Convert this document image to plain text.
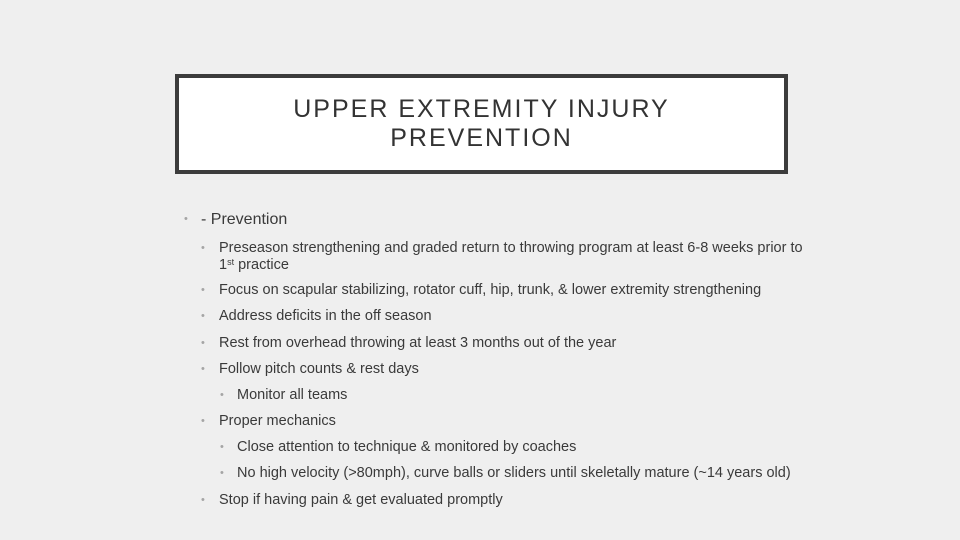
UPPER EXTREMITY INJURY PREVENTION
• - Prevention
• Preseason strengthening and graded return to throwing program at least 6-8 weeks prior to
1st practice
• Focus on scapular stabilizing, rotator cuff, hip, trunk, & lower extremity strengthening
• Address deficits in the off season
• Rest from overhead throwing at least 3 months out of the year
• Follow pitch counts & rest days
• Monitor all teams
• Proper mechanics
• Close attention to technique & monitored by coaches
• No high velocity (>80mph), curve balls or sliders until skeletally mature (~14 years old)
• Stop if having pain & get evaluated promptly
